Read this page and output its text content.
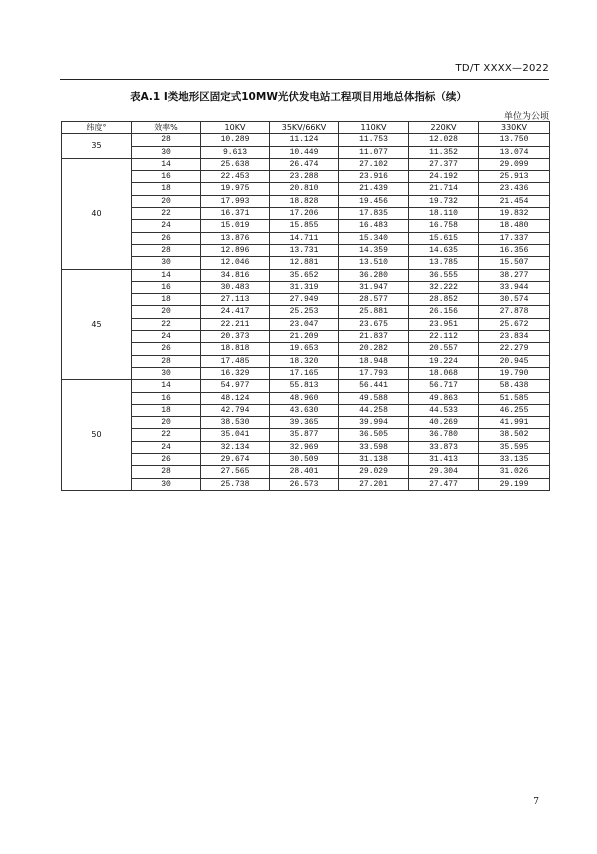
TD/T XXXX—2022
表A.1 Ⅰ类地形区固定式10MW光伏发电站工程项目用地总体指标（续）
单位为公顷
纬度°	效率%	10KV	35KV/66KV	110KV	220KV	330KV
35	28	10.289	11.124	11.753	12.028	13.750
	30	9.613	10.449	11.077	11.352	13.074
40	14	25.638	26.474	27.102	27.377	29.099
	16	22.453	23.288	23.916	24.192	25.913
	18	19.975	20.810	21.439	21.714	23.436
	20	17.993	18.828	19.456	19.732	21.454
	22	16.371	17.206	17.835	18.110	19.832
	24	15.019	15.855	16.483	16.758	18.480
	26	13.876	14.711	15.340	15.615	17.337
	28	12.896	13.731	14.359	14.635	16.356
	30	12.046	12.881	13.510	13.785	15.507
45	14	34.816	35.652	36.280	36.555	38.277
	16	30.483	31.319	31.947	32.222	33.944
	18	27.113	27.949	28.577	28.852	30.574
	20	24.417	25.253	25.881	26.156	27.878
	22	22.211	23.047	23.675	23.951	25.672
	24	20.373	21.209	21.837	22.112	23.834
	26	18.818	19.653	20.282	20.557	22.279
	28	17.485	18.320	18.948	19.224	20.945
	30	16.329	17.165	17.793	18.068	19.790
50	14	54.977	55.813	56.441	56.717	58.438
	16	48.124	48.960	49.588	49.863	51.585
	18	42.794	43.630	44.258	44.533	46.255
	20	38.530	39.365	39.994	40.269	41.991
	22	35.041	35.877	36.505	36.780	38.502
	24	32.134	32.969	33.598	33.873	35.595
	26	29.674	30.509	31.138	31.413	33.135
	28	27.565	28.401	29.029	29.304	31.026
	30	25.738	26.573	27.201	27.477	29.199
7
